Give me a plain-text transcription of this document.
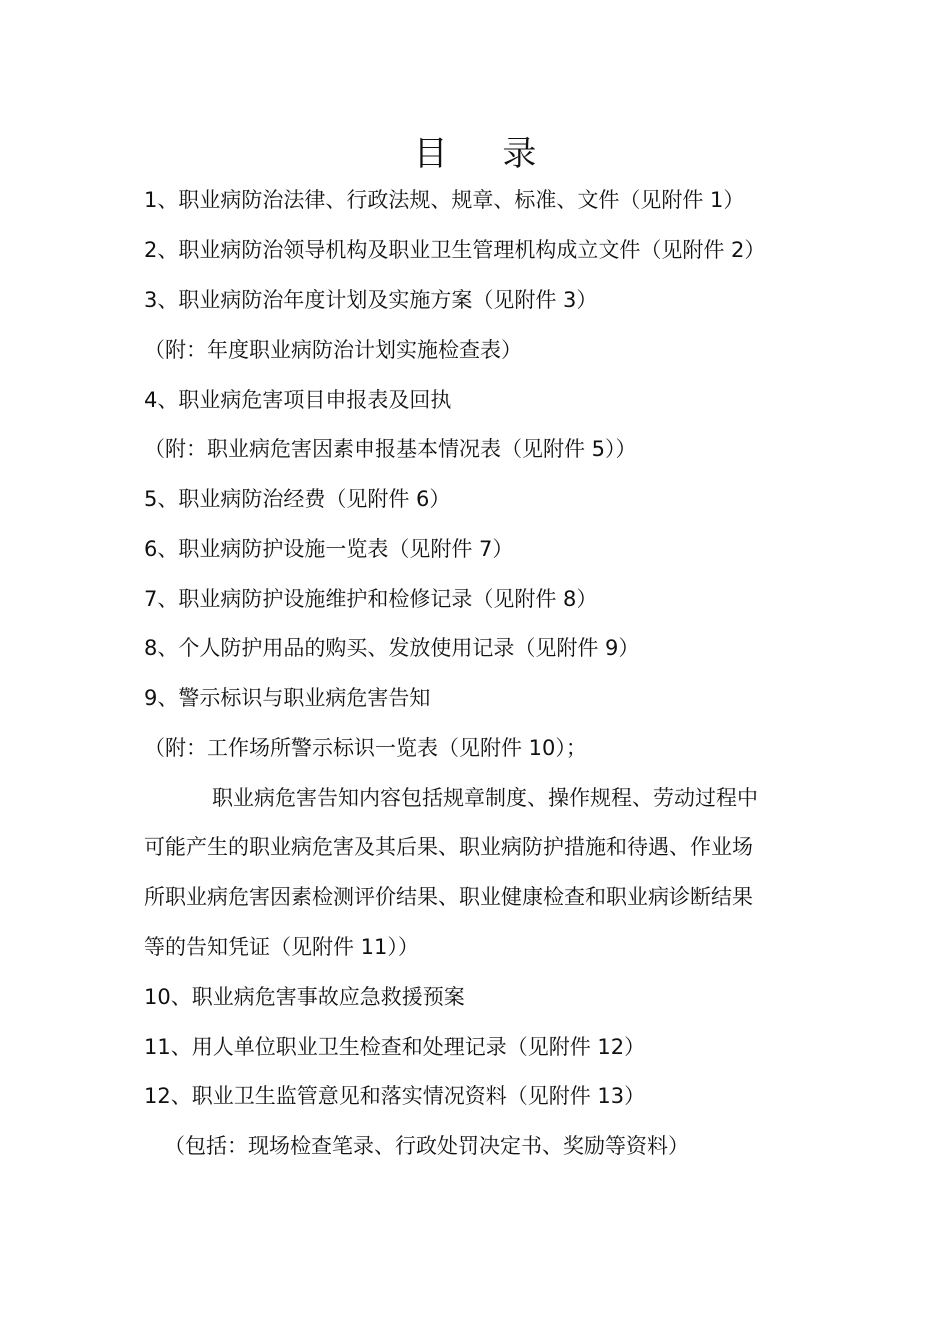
目 录

1、职业病防治法律、行政法规、规章、标准、文件（见附件 1）

2、职业病防治领导机构及职业卫生管理机构成立文件（见附件 2）

3、职业病防治年度计划及实施方案（见附件 3）

（附：年度职业病防治计划实施检查表）

4、职业病危害项目申报表及回执

（附：职业病危害因素申报基本情况表（见附件 5））

5、职业病防治经费（见附件 6）

6、职业病防护设施一览表（见附件 7）

7、职业病防护设施维护和检修记录（见附件 8）

8、个人防护用品的购买、发放使用记录（见附件 9）

9、警示标识与职业病危害告知

（附：工作场所警示标识一览表（见附件 10）；

职业病危害告知内容包括规章制度、操作规程、劳动过程中

可能产生的职业病危害及其后果、职业病防护措施和待遇、作业场

所职业病危害因素检测评价结果、职业健康检查和职业病诊断结果

等的告知凭证（见附件 11））

10、职业病危害事故应急救援预案

11、用人单位职业卫生检查和处理记录（见附件 12）

12、职业卫生监管意见和落实情况资料（见附件 13）

（包括：现场检查笔录、行政处罚决定书、奖励等资料）
